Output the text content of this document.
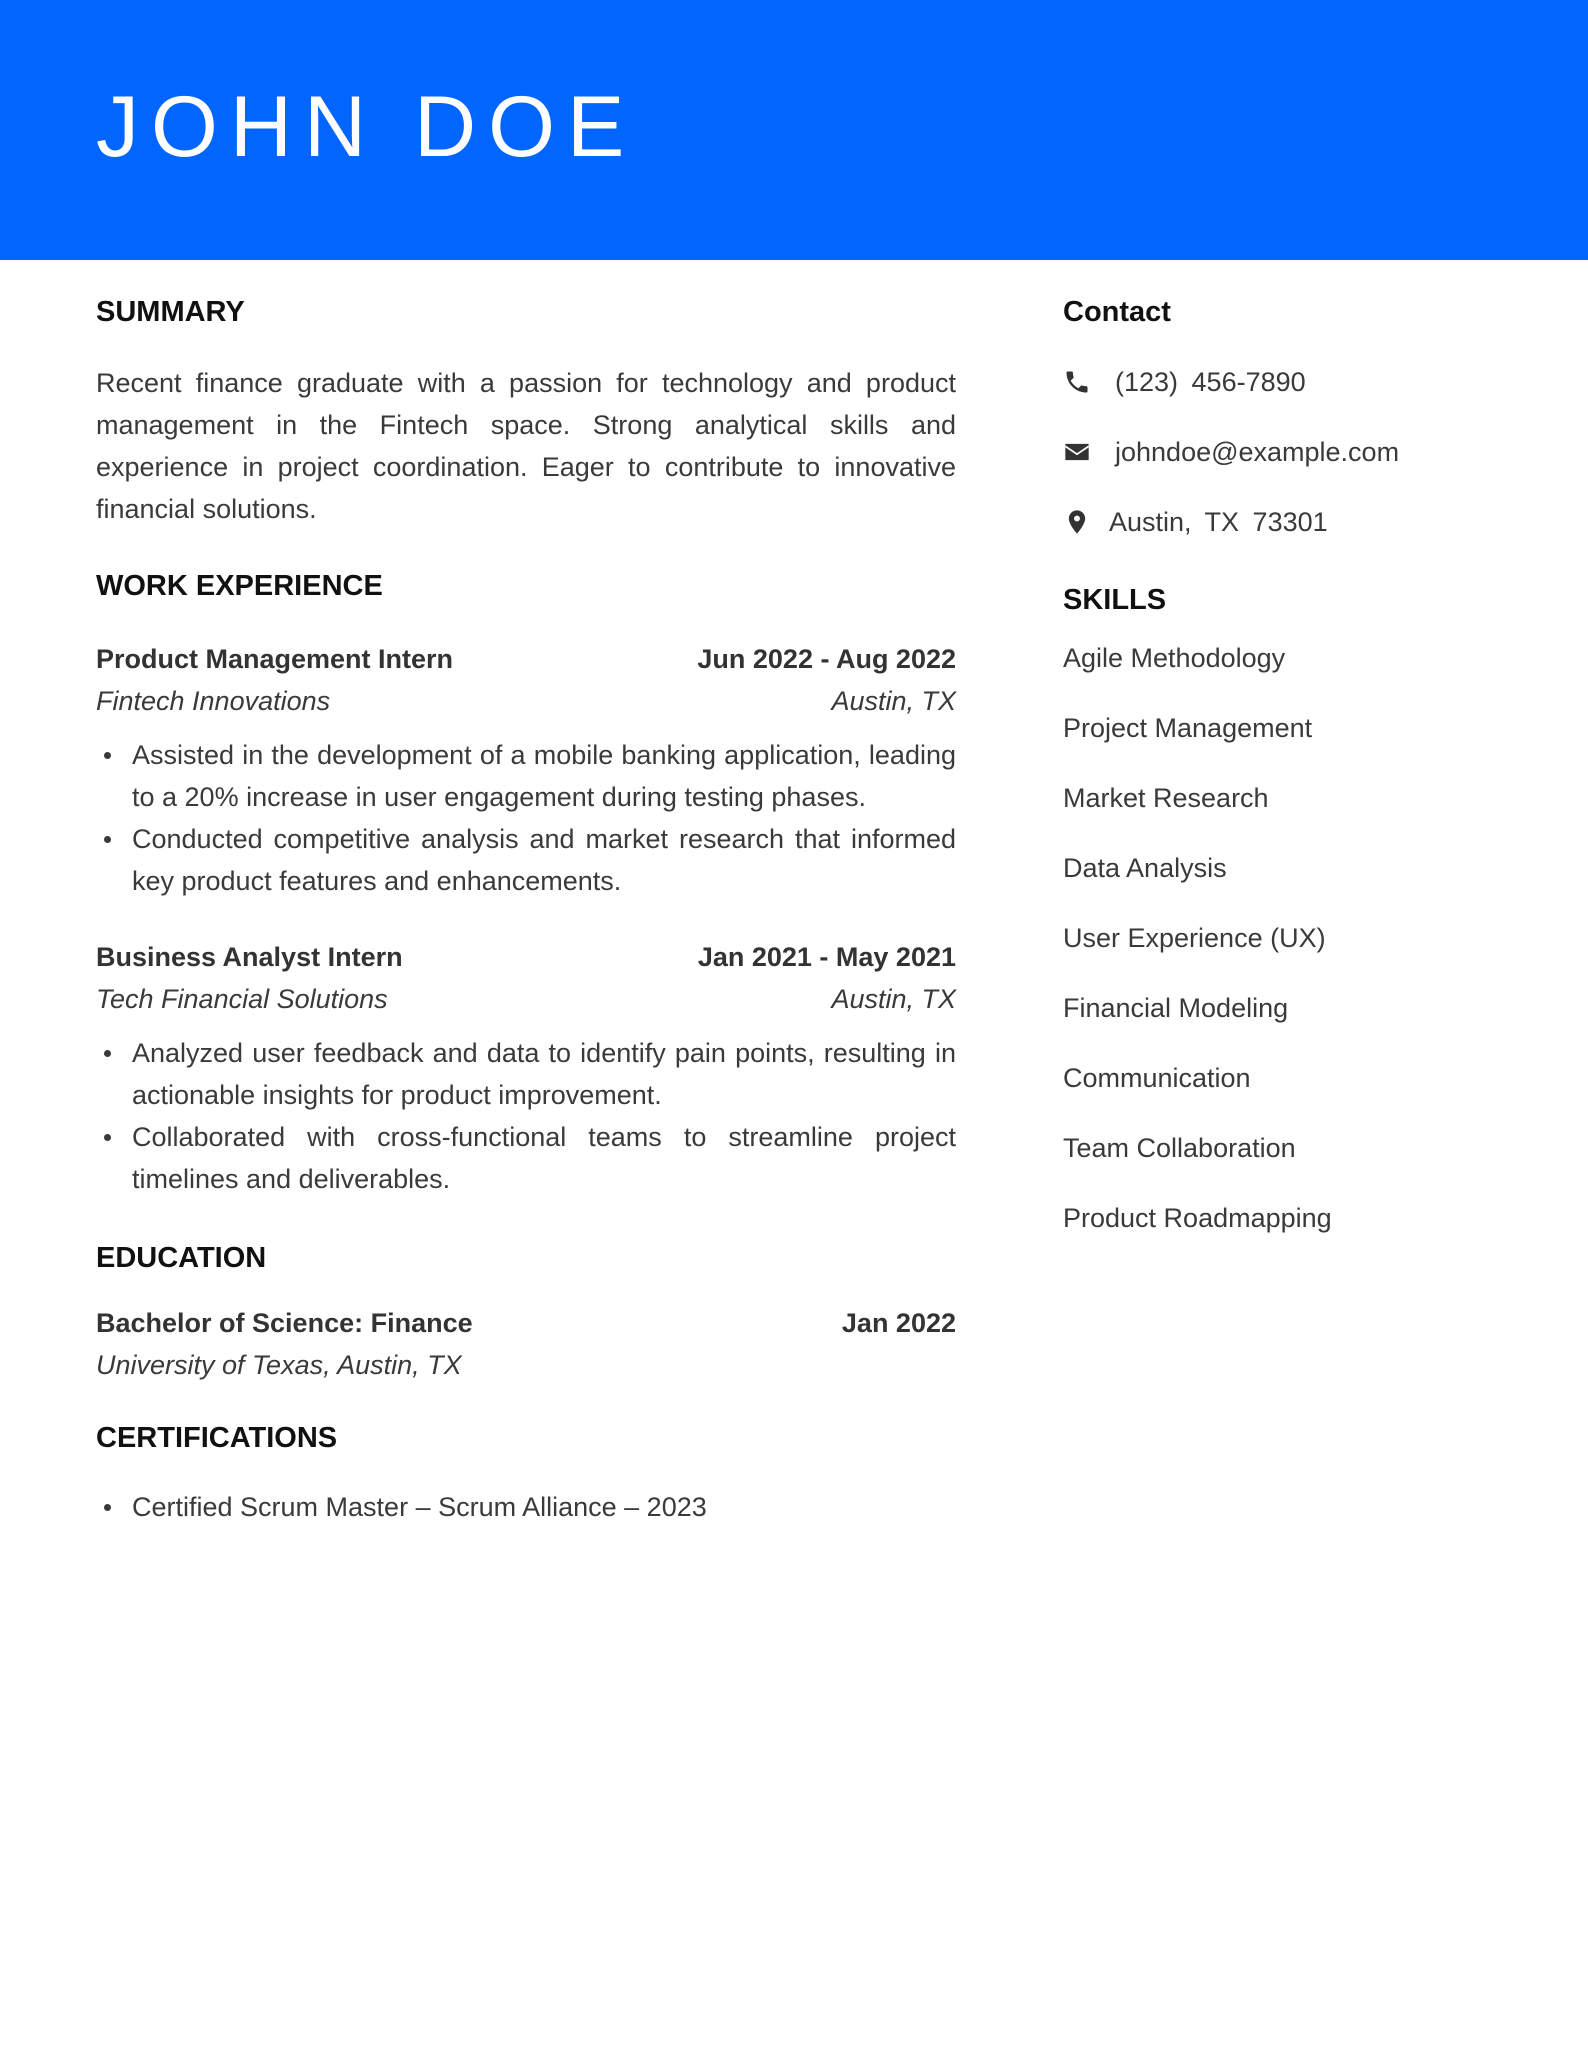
JOHN DOE
SUMMARY

Recent finance graduate with a passion for technology and product management in the Fintech space. Strong analytical skills and experience in project coordination. Eager to contribute to innovative financial solutions.

WORK EXPERIENCE
Product Management Intern	Jun 2022 - Aug 2022
Fintech Innovations	Austin, TX
Assisted in the development of a mobile banking application, leading to a 20% increase in user engagement during testing phases.
Conducted competitive analysis and market research that informed key product features and enhancements.
Business Analyst Intern	Jan 2021 - May 2021
Tech Financial Solutions	Austin, TX
Analyzed user feedback and data to identify pain points, resulting in actionable insights for product improvement.
Collaborated with cross-functional teams to streamline project timelines and deliverables.
EDUCATION
Bachelor of Science: Finance	Jan 2022
University of Texas, Austin, TX
CERTIFICATIONS
Certified Scrum Master – Scrum Alliance – 2023
Contact
(123) 456-7890
johndoe@example.com
Austin, TX 73301
SKILLS
Agile Methodology
Project Management
Market Research
Data Analysis
User Experience (UX)
Financial Modeling
Communication
Team Collaboration
Product Roadmapping
